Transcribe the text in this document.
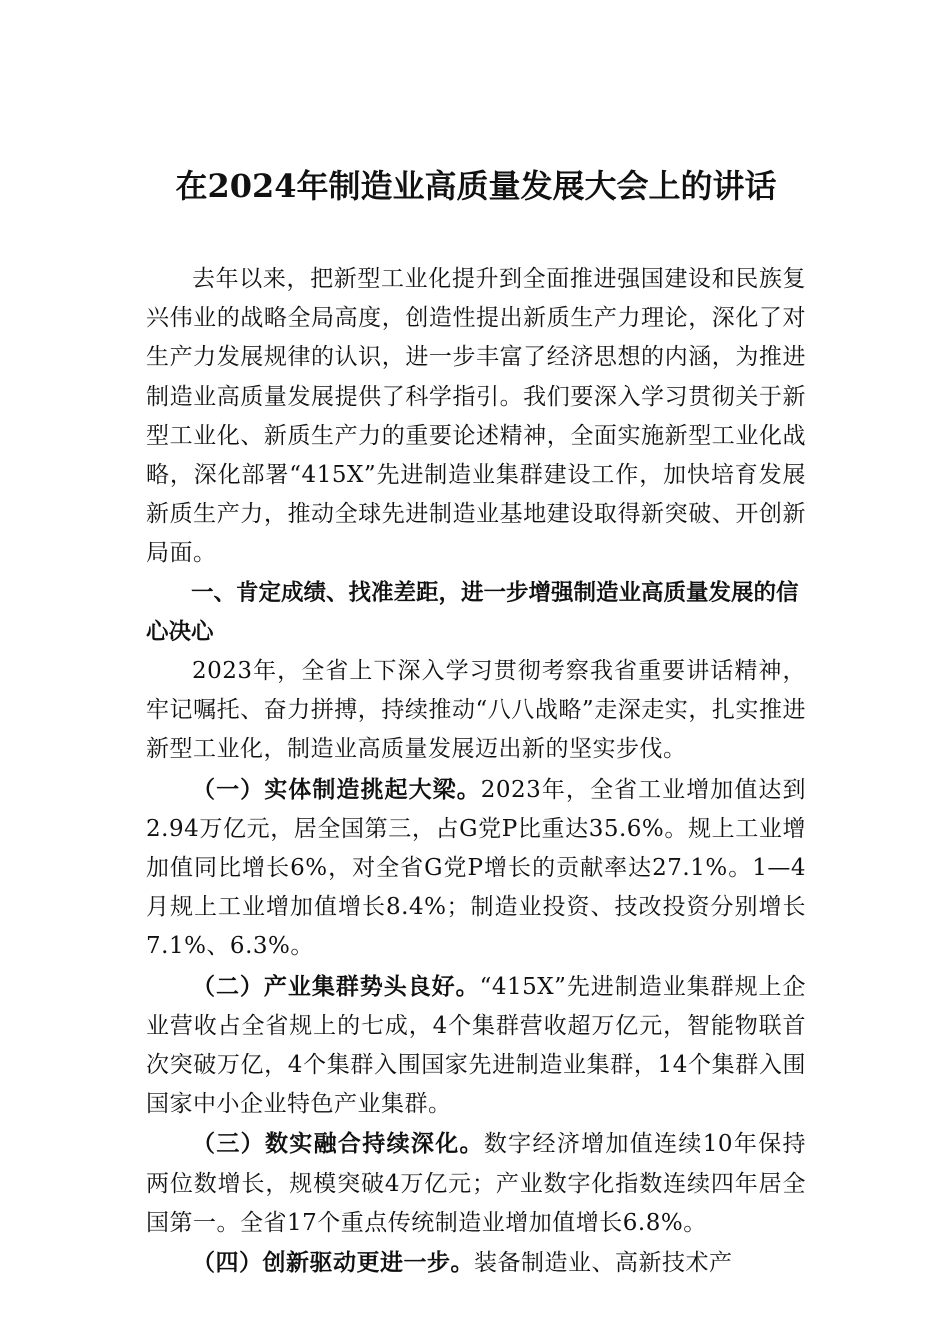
在2024年制造业高质量发展大会上的讲话

去年以来，把新型工业化提升到全面推进强国建设和民族复兴伟业的战略全局高度，创造性提出新质生产力理论，深化了对生产力发展规律的认识，进一步丰富了经济思想的内涵，为推进制造业高质量发展提供了科学指引。我们要深入学习贯彻关于新型工业化、新质生产力的重要论述精神，全面实施新型工业化战略，深化部署“415X”先进制造业集群建设工作，加快培育发展新质生产力，推动全球先进制造业基地建设取得新突破、开创新局面。

一、肯定成绩、找准差距，进一步增强制造业高质量发展的信心决心

2023年，全省上下深入学习贯彻考察我省重要讲话精神，牢记嘱托、奋力拼搏，持续推动“八八战略”走深走实，扎实推进新型工业化，制造业高质量发展迈出新的坚实步伐。

（一）实体制造挑起大梁。2023年，全省工业增加值达到2.94万亿元，居全国第三，占G党P比重达35.6%。规上工业增加值同比增长6%，对全省G党P增长的贡献率达27.1%。1—4月规上工业增加值增长8.4%；制造业投资、技改投资分别增长7.1%、6.3%。

（二）产业集群势头良好。“415X”先进制造业集群规上企业营收占全省规上的七成，4个集群营收超万亿元，智能物联首次突破万亿，4个集群入围国家先进制造业集群，14个集群入围国家中小企业特色产业集群。

（三）数实融合持续深化。数字经济增加值连续10年保持两位数增长，规模突破4万亿元；产业数字化指数连续四年居全国第一。全省17个重点传统制造业增加值增长6.8%。

（四）创新驱动更进一步。装备制造业、高新技术产
